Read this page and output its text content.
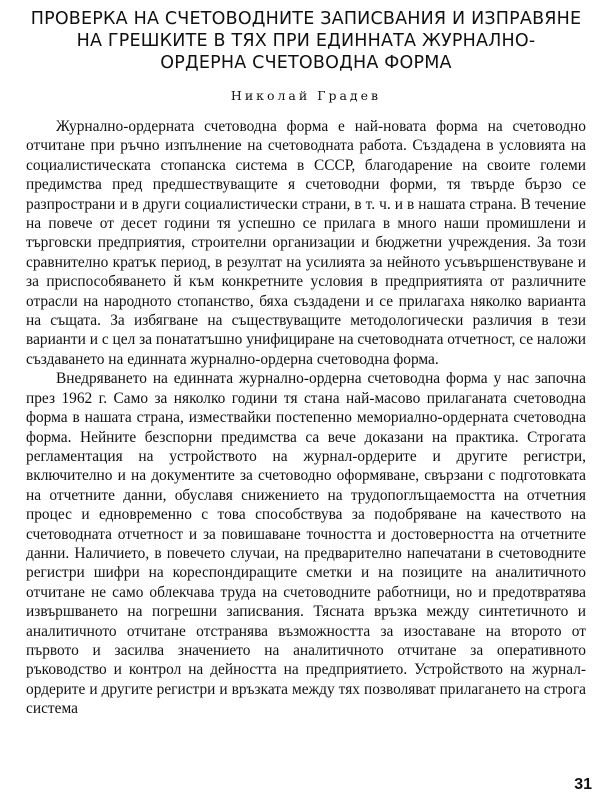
ПРОВЕРКА НА СЧЕТОВОДНИТЕ ЗАПИСВАНИЯ И ИЗПРАВЯНЕ
НА ГРЕШКИТЕ В ТЯХ ПРИ ЕДИННАТА ЖУРНАЛНО-
ОРДЕРНА СЧЕТОВОДНА ФОРМА
Николай Градев

Журнално-ордерната счетоводна форма е най-новата форма на счетоводно отчитане при ръчно изпълнение на счетоводната работа. Създадена в условията на социалистическата стопанска система в СССР, благодарение на своите големи предимства пред предшествуващите я счетоводни форми, тя твърде бързо се разпространи и в други социалистически страни, в т. ч. и в нашата страна. В течение на повече от десет години тя успешно се прилага в много наши промишлени и търговски предприятия, строителни организации и бюджетни учреждения. За този сравнително кратък период, в резултат на усилията за нейното усъвършенствуване и за приспособяването й към конкретните условия в предприятията от различните отрасли на народното стопанство, бяха създадени и се прилагаха няколко варианта на същата. За избягване на съществуващите методологически различия в тези варианти и с цел за понататъшно унифициране на счетоводната отчетност, се наложи създаването на единната журнално-ордерна счетоводна форма.

Внедряването на единната журнално-ордерна счетоводна форма у нас започна през 1962 г. Само за няколко години тя стана най-масово прилаганата счетоводна форма в нашата страна, измествайки постепенно мемориално-ордерната счетоводна форма. Нейните безспорни предимства са вече доказани на практика. Строгата регламентация на устройството на журнал-ордерите и другите регистри, включително и на документите за счетоводно оформяване, свързани с подготовката на отчетните данни, обуславя снижението на трудопоглъщаемостта на отчетния процес и едновременно с това способствува за подобряване на качеството на счетоводната отчетност и за повишаване точността и достоверността на отчетните данни. Наличието, в повечето случаи, на предварително напечатани в счетоводните регистри шифри на кореспондиращите сметки и на позиците на аналитичното отчитане не само облекчава труда на счетоводните работници, но и предотвратява извършването на погрешни записвания. Тясната връзка между синтетичното и аналитичното отчитане отстранява възможността за изоставане на второто от първото и засилва значението на аналитичното отчитане за оперативното ръководство и контрол на дейността на предприятието. Устройството на журнал-ордерите и другите регистри и връзката между тях позволяват прилагането на строга система

31
